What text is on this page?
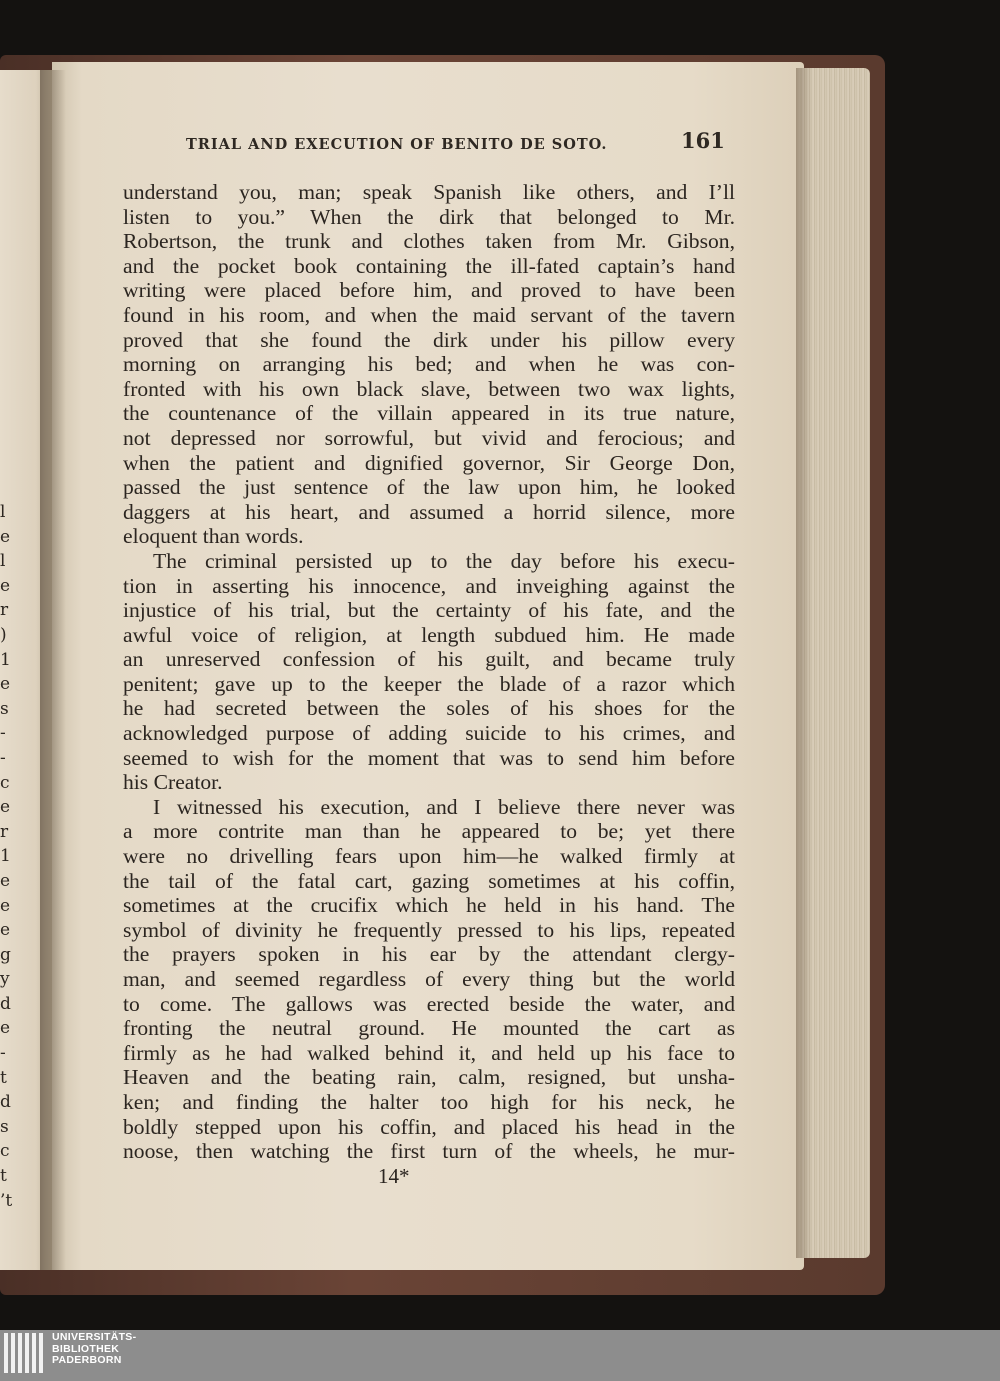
l
e
l
e
r
)
1
e
s
-
-
c
e
r
1
e
e
e
g
y
d
e
-
t
d
s
c
t
’t
TRIAL AND EXECUTION OF BENITO DE SOTO.	161
understand you, man; speak Spanish like others, and I’ll
listen to you.” When the dirk that belonged to Mr.
Robertson, the trunk and clothes taken from Mr. Gibson,
and the pocket book containing the ill-fated captain’s hand
writing were placed before him, and proved to have been
found in his room, and when the maid servant of the tavern
proved that she found the dirk under his pillow every
morning on arranging his bed; and when he was con-
fronted with his own black slave, between two wax lights,
the countenance of the villain appeared in its true nature,
not depressed nor sorrowful, but vivid and ferocious; and
when the patient and dignified governor, Sir George Don,
passed the just sentence of the law upon him, he looked
daggers at his heart, and assumed a horrid silence, more
eloquent than words.
The criminal persisted up to the day before his execu-
tion in asserting his innocence, and inveighing against the
injustice of his trial, but the certainty of his fate, and the
awful voice of religion, at length subdued him. He made
an unreserved confession of his guilt, and became truly
penitent; gave up to the keeper the blade of a razor which
he had secreted between the soles of his shoes for the
acknowledged purpose of adding suicide to his crimes, and
seemed to wish for the moment that was to send him before
his Creator.
I witnessed his execution, and I believe there never was
a more contrite man than he appeared to be; yet there
were no drivelling fears upon him—he walked firmly at
the tail of the fatal cart, gazing sometimes at his coffin,
sometimes at the crucifix which he held in his hand. The
symbol of divinity he frequently pressed to his lips, repeated
the prayers spoken in his ear by the attendant clergy-
man, and seemed regardless of every thing but the world
to come. The gallows was erected beside the water, and
fronting the neutral ground. He mounted the cart as
firmly as he had walked behind it, and held up his face to
Heaven and the beating rain, calm, resigned, but unsha-
ken; and finding the halter too high for his neck, he
boldly stepped upon his coffin, and placed his head in the
noose, then watching the first turn of the wheels, he mur-
14*
UNIVERSITÄTS-
BIBLIOTHEK
PADERBORN
